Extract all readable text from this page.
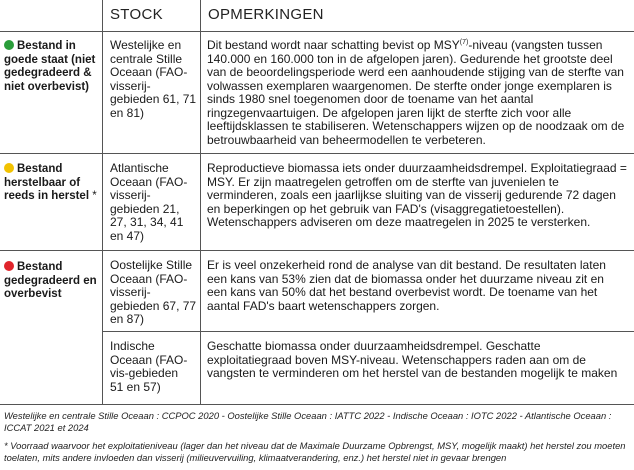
STOCK	OPMERKINGEN
Bestand in goede staat (niet gedegradeerd & niet overbevist)
Westelijke en centrale Stille Oceaan (FAO-visserij-gebieden 61, 71 en 81)
Dit bestand wordt naar schatting bevist op MSY$^{(7)}$-niveau (vangsten tussen 140.000 en 160.000 ton in de afgelopen jaren). Gedurende het grootste deel van de beoordelingsperiode werd een aanhoudende stijging van de sterfte van volwassen exemplaren waargenomen. De sterfte onder jonge exemplaren is sinds 1980 snel toegenomen door de toename van het aantal ringzegenvaartuigen. De afgelopen jaren lijkt de sterfte zich voor alle leeftijdsklassen te stabiliseren. Wetenschappers wijzen op de noodzaak om de betrouwbaarheid van beheermodellen te verbeteren.
Bestand herstelbaar of reeds in herstel *
Atlantische Oceaan (FAO-visserij-gebieden 21, 27, 31, 34, 41 en 47)
Reproductieve biomassa iets onder duurzaamheidsdrempel. Exploitatiegraad = MSY. Er zijn maatregelen getroffen om de sterfte van juvenielen te verminderen, zoals een jaarlijkse sluiting van de visserij gedurende 72 dagen en beperkingen op het gebruik van FAD's (visaggregatietoestellen). Wetenschappers adviseren om deze maatregelen in 2025 te versterken.
Bestand gedegradeerd en overbevist
Oostelijke Stille Oceaan (FAO-visserij-gebieden 67, 77 en 87)
Er is veel onzekerheid rond de analyse van dit bestand. De resultaten laten een kans van 53% zien dat de biomassa onder het duurzame niveau zit en een kans van 50% dat het bestand overbevist wordt. De toename van het aantal FAD's baart wetenschappers zorgen.
Indische Oceaan (FAO-vis-gebieden 51 en 57)
Geschatte biomassa onder duurzaamheidsdrempel. Geschatte exploitatiegraad boven MSY-niveau. Wetenschappers raden aan om de vangsten te verminderen om het herstel van de bestanden mogelijk te maken
Westelijke en centrale Stille Oceaan : CCPOC 2020 - Oostelijke Stille Oceaan : IATTC 2022 - Indische Oceaan : IOTC 2022 - Atlantische Oceaan : ICCAT 2021 et 2024
* Voorraad waarvoor het exploitatieniveau (lager dan het niveau dat de Maximale Duurzame Opbrengst, MSY, mogelijk maakt) het herstel zou moeten toelaten, mits andere invloeden dan visserij (milieuvervuiling, klimaatverandering, enz.) het herstel niet in gevaar brengen
